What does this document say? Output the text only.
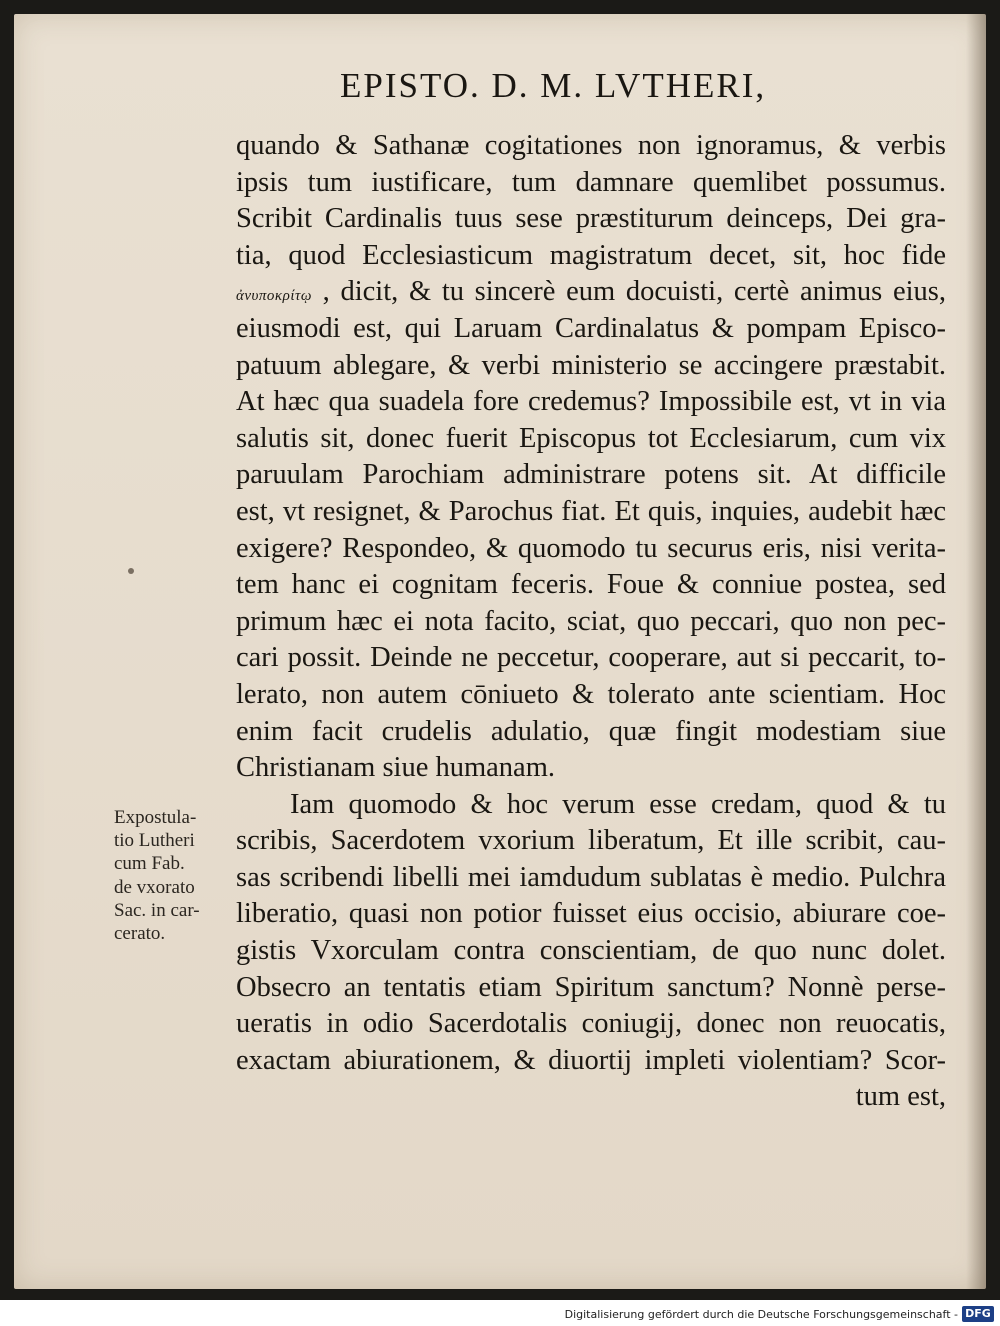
EPISTO. D. M. LVTHERI,
quando & Sathanæ cogitationes non ignoramus, & verbis
ipsis tum iustificare, tum damnare quemlibet possumus.
Scribit Cardinalis tuus sese præstiturum deinceps, Dei gra-
tia, quod Ecclesiasticum magistratum decet, sit, hoc fide
ἀνυποκρίτῳ , dicit, & tu sincerè eum docuisti, certè animus eius,
eiusmodi est, qui Laruam Cardinalatus & pompam Episco-
patuum ablegare, & verbi ministerio se accingere præstabit.
At hæc qua suadela fore credemus? Impossibile est, vt in via
salutis sit, donec fuerit Episcopus tot Ecclesiarum, cum vix
paruulam Parochiam administrare potens sit. At difficile
est, vt resignet, & Parochus fiat. Et quis, inquies, audebit hæc
exigere? Respondeo, & quomodo tu securus eris, nisi verita-
tem hanc ei cognitam feceris. Foue & conniue postea, sed
primum hæc ei nota facito, sciat, quo peccari, quo non pec-
cari possit. Deinde ne peccetur, cooperare, aut si peccarit, to-
lerato, non autem cōniueto & tolerato ante scientiam. Hoc
enim facit crudelis adulatio, quæ fingit modestiam siue
Christianam siue humanam.
Iam quomodo & hoc verum esse credam, quod & tu
scribis, Sacerdotem vxorium liberatum, Et ille scribit, cau-
sas scribendi libelli mei iamdudum sublatas è medio. Pulchra
liberatio, quasi non potior fuisset eius occisio, abiurare coe-
gistis Vxorculam contra conscientiam, de quo nunc dolet.
Obsecro an tentatis etiam Spiritum sanctum? Nonnè perse-
ueratis in odio Sacerdotalis coniugij, donec non reuocatis,
exactam abiurationem, & diuortij impleti violentiam? Scor-
tum est,
Expostula-
tio Lutheri
cum Fab.
de vxorato
Sac. in car-
cerato.
Digitalisierung gefördert durch die Deutsche Forschungsgemeinschaft - DFG
